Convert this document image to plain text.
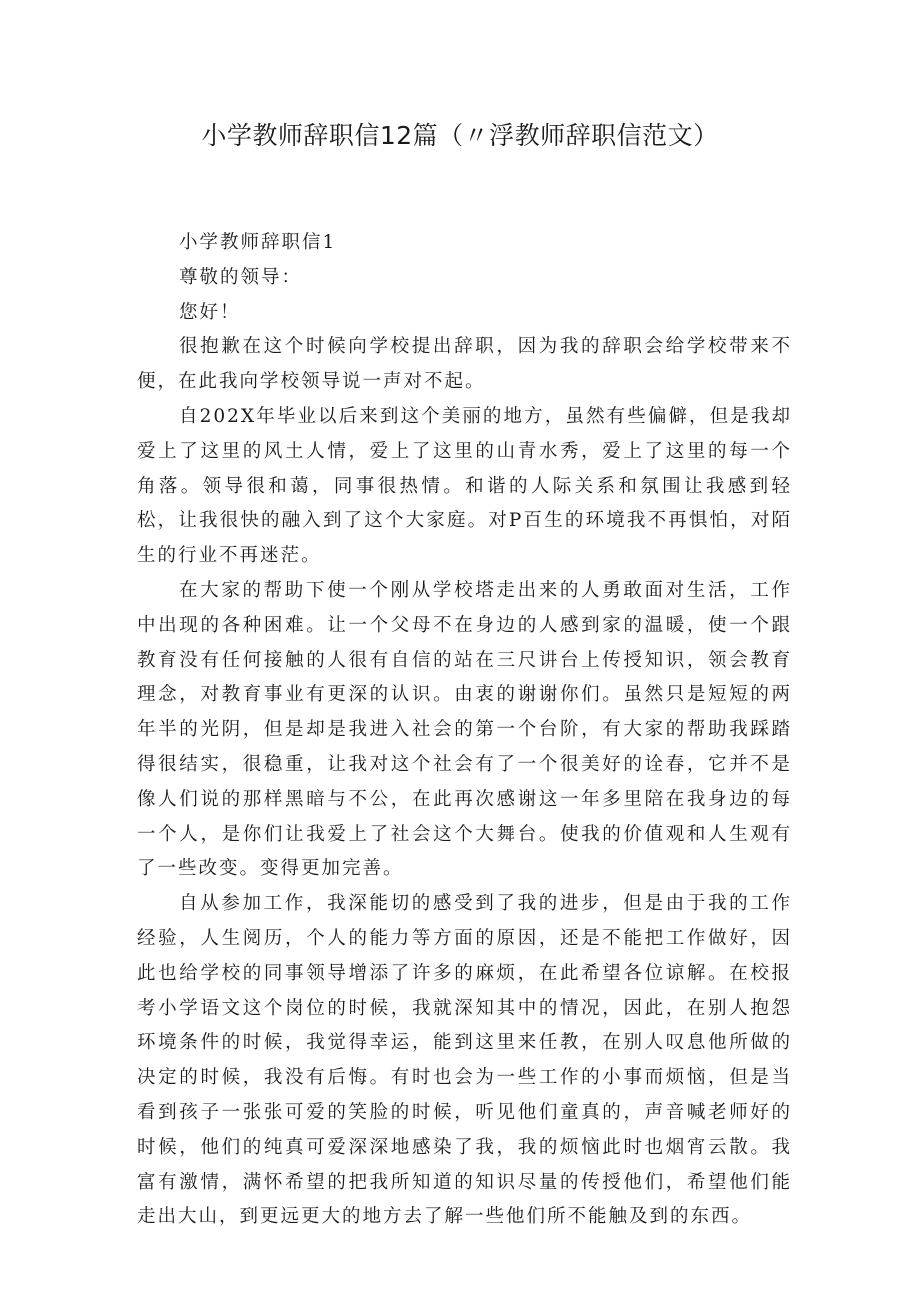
小学教师辞职信12篇（〃浮教师辞职信范文）

小学教师辞职信1

尊敬的领导：

您好！

很抱歉在这个时候向学校提出辞职，因为我的辞职会给学校带来不便，在此我向学校领导说一声对不起。

自202X年毕业以后来到这个美丽的地方，虽然有些偏僻，但是我却爱上了这里的风土人情，爱上了这里的山青水秀，爱上了这里的每一个角落。领导很和蔼，同事很热情。和谐的人际关系和氛围让我感到轻松，让我很快的融入到了这个大家庭。对P百生的环境我不再惧怕，对陌生的行业不再迷茫。

在大家的帮助下使一个刚从学校塔走出来的人勇敢面对生活，工作中出现的各种困难。让一个父母不在身边的人感到家的温暖，使一个跟教育没有任何接触的人很有自信的站在三尺讲台上传授知识，领会教育理念，对教育事业有更深的认识。由衷的谢谢你们。虽然只是短短的两年半的光阴，但是却是我进入社会的第一个台阶，有大家的帮助我踩踏得很结实，很稳重，让我对这个社会有了一个很美好的诠春，它并不是像人们说的那样黑暗与不公，在此再次感谢这一年多里陪在我身边的每一个人，是你们让我爱上了社会这个大舞台。使我的价值观和人生观有了一些改变。变得更加完善。

自从参加工作，我深能切的感受到了我的进步，但是由于我的工作经验，人生阅历，个人的能力等方面的原因，还是不能把工作做好，因此也给学校的同事领导增添了许多的麻烦，在此希望各位谅解。在校报考小学语文这个岗位的时候，我就深知其中的情况，因此，在别人抱怨环境条件的时候，我觉得幸运，能到这里来任教，在别人叹息他所做的决定的时候，我没有后悔。有时也会为一些工作的小事而烦恼，但是当看到孩子一张张可爱的笑脸的时候，听见他们童真的，声音喊老师好的时候，他们的纯真可爱深深地感染了我，我的烦恼此时也烟宵云散。我富有激情，满怀希望的把我所知道的知识尽量的传授他们，希望他们能走出大山，到更远更大的地方去了解一些他们所不能触及到的东西。
